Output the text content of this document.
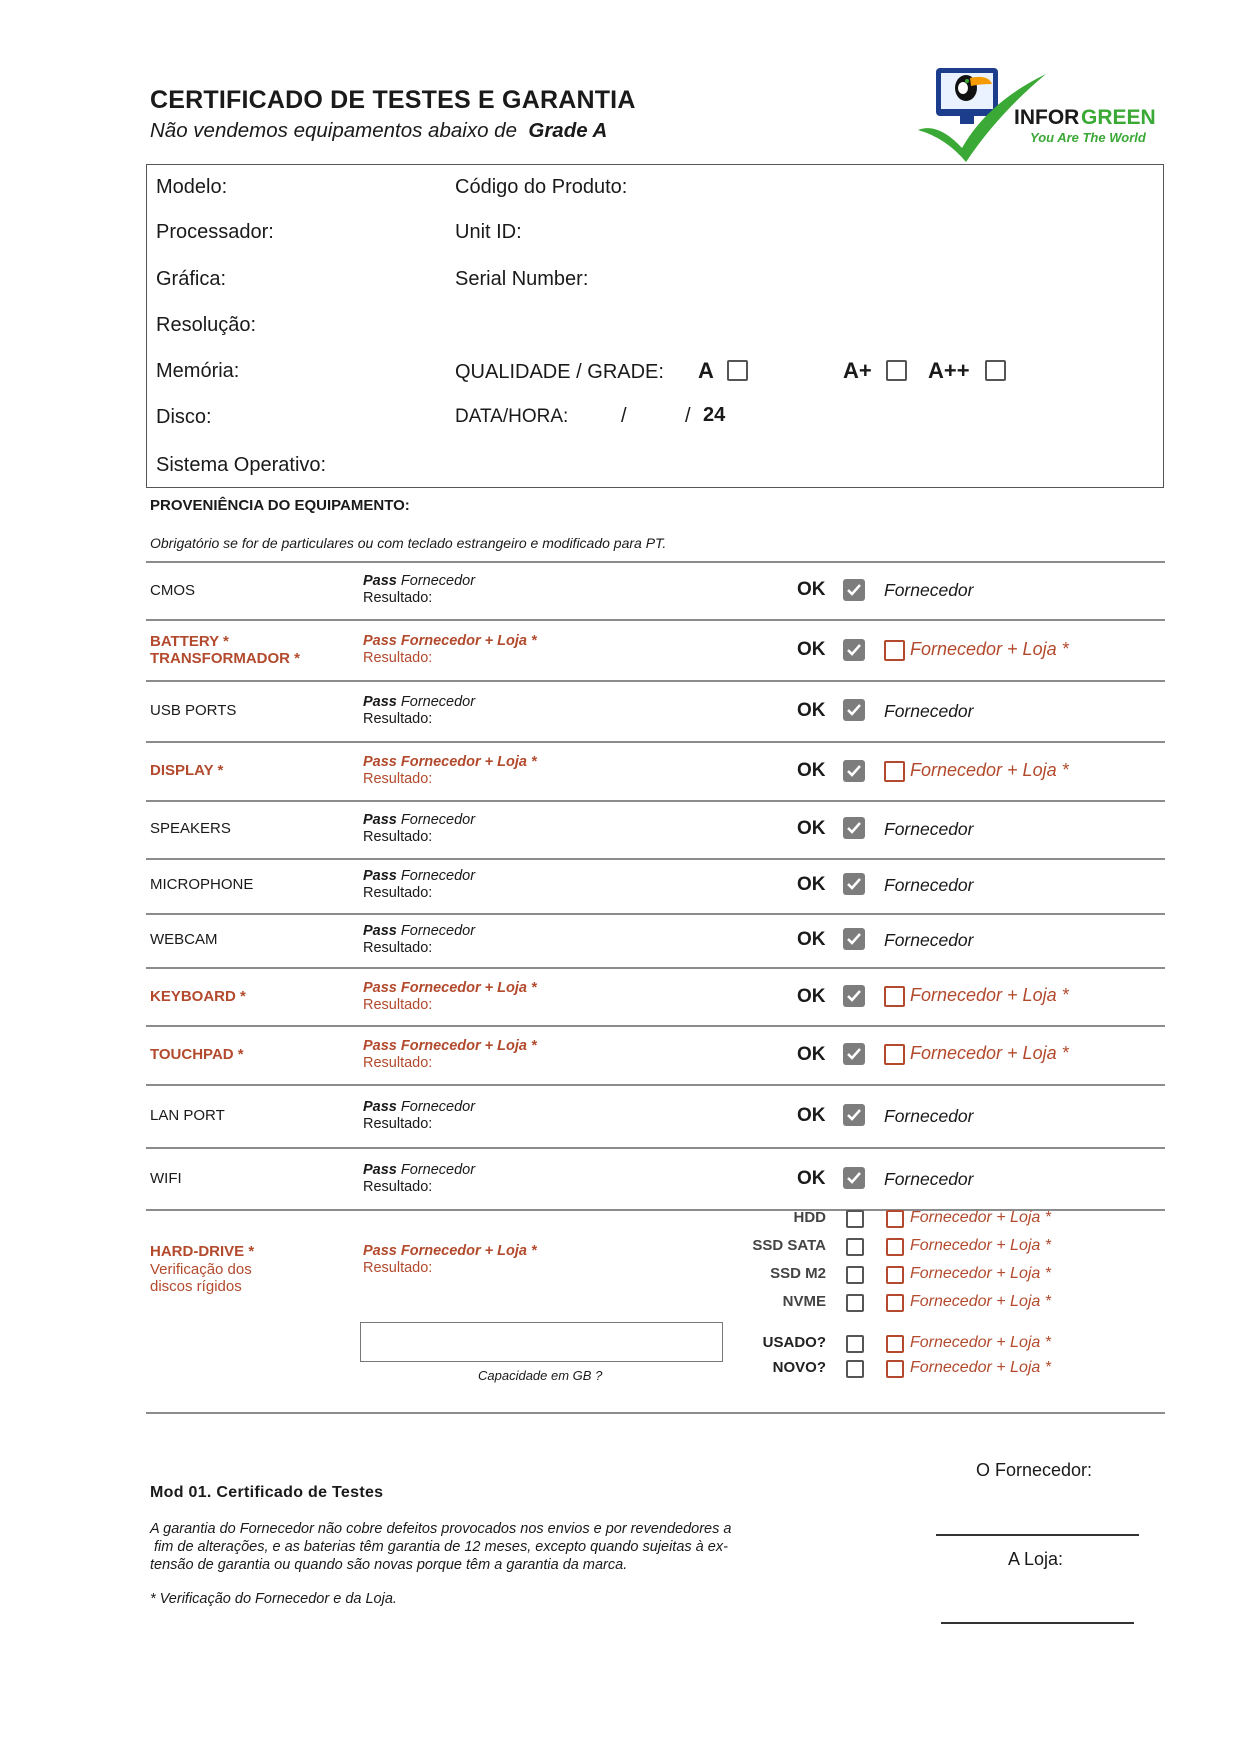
CERTIFICADO DE TESTES E GARANTIA
Não vendemos equipamentos abaixo de Grade A
INFOR GREEN
You Are The World
Modelo:
Processador:
Gráfica:
Resolução:
Memória:
Disco:
Sistema Operativo:
Código do Produto:
Unit ID:
Serial Number:
QUALIDADE / GRADE: A	A+	A++
DATA/HORA:	/	/ 24
PROVENIÊNCIA DO EQUIPAMENTO:
Obrigatório se for de particulares ou com teclado estrangeiro e modificado para PT.
CMOS
Pass Fornecedor
Resultado:	OK	Fornecedor
BATTERY *
TRANSFORMADOR *
Pass Fornecedor + Loja *
Resultado:	OK	Fornecedor + Loja *
USB PORTS	Pass Fornecedor
Resultado:	OK	Fornecedor
DISPLAY *	Pass Fornecedor + Loja *
Resultado:	OK	Fornecedor + Loja *
SPEAKERS	Pass Fornecedor
Resultado:	OK	Fornecedor
MICROPHONE	Pass Fornecedor
Resultado:	OK	Fornecedor
WEBCAM	Pass Fornecedor
Resultado:	OK	Fornecedor
KEYBOARD *	Pass Fornecedor + Loja *
Resultado:	OK	Fornecedor + Loja *
TOUCHPAD *	Pass Fornecedor + Loja *
Resultado:	OK	Fornecedor + Loja *
LAN PORT	Pass Fornecedor
Resultado:	OK	Fornecedor
WIFI	Pass Fornecedor
Resultado:	OK	Fornecedor
HARD-DRIVE *
Verificação dos
discos rígidos
Pass Fornecedor + Loja *
Resultado:
Capacidade em GB ?
HDD	Fornecedor + Loja *
SSD SATA	Fornecedor + Loja *
SSD M2	Fornecedor + Loja *
NVME	Fornecedor + Loja *
USADO?	Fornecedor + Loja *
NOVO?	Fornecedor + Loja *
Mod 01. Certificado de Testes
A garantia do Fornecedor não cobre defeitos provocados nos envios e por revendedores a
fim de alterações, e as baterias têm garantia de 12 meses, excepto quando sujeitas à ex-
tensão de garantia ou quando são novas porque têm a garantia da marca.
* Verificação do Fornecedor e da Loja.
O Fornecedor:
A Loja:
